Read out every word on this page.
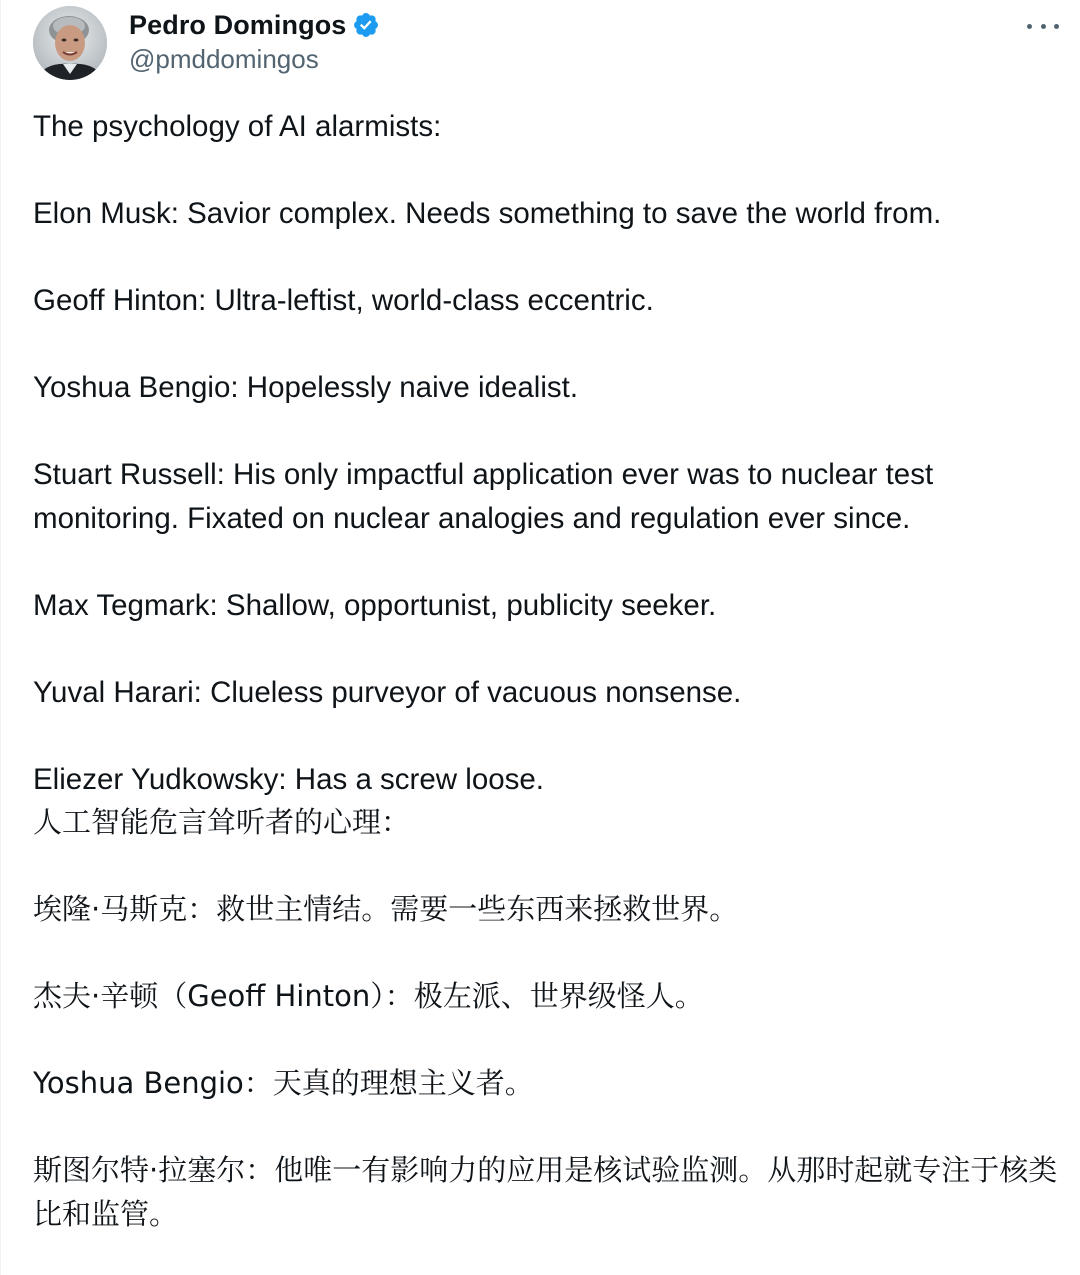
Pedro Domingos
@pmddomingos

The psychology of AI alarmists:

Elon Musk: Savior complex. Needs something to save the world from.

Geoff Hinton: Ultra-leftist, world-class eccentric.

Yoshua Bengio: Hopelessly naive idealist.

Stuart Russell: His only impactful application ever was to nuclear test monitoring. Fixated on nuclear analogies and regulation ever since.

Max Tegmark: Shallow, opportunist, publicity seeker.

Yuval Harari: Clueless purveyor of vacuous nonsense.

Eliezer Yudkowsky: Has a screw loose.

人工智能危言耸听者的心理：

埃隆·马斯克：救世主情结。需要一些东西来拯救世界。

杰夫·辛顿（Geoff Hinton）：极左派、世界级怪人。

Yoshua Bengio：天真的理想主义者。

斯图尔特·拉塞尔：他唯一有影响力的应用是核试验监测。从那时起就专注于核类比和监管。
